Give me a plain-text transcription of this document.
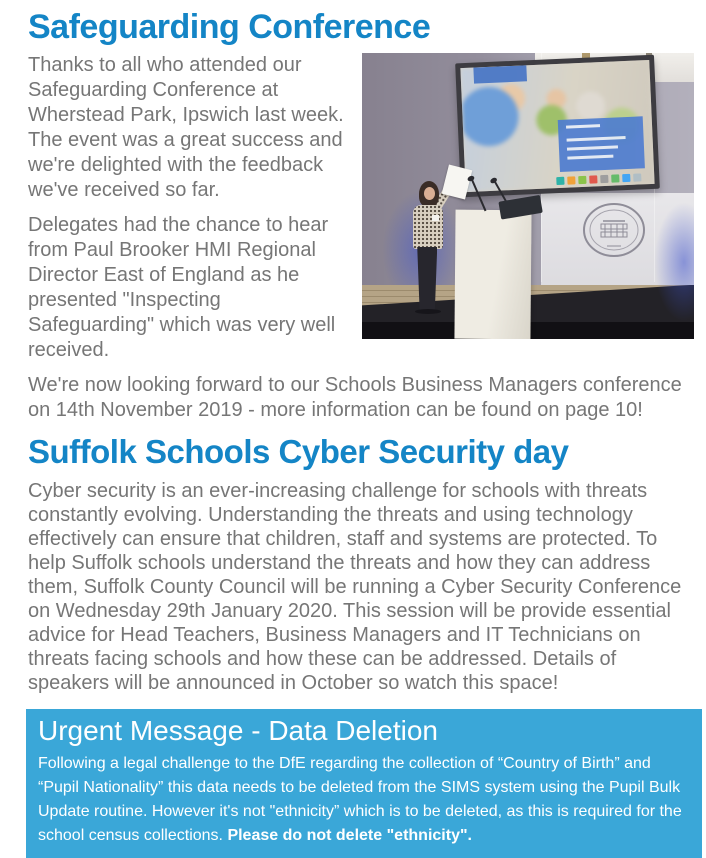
Safeguarding Conference

Thanks to all who attended our Safeguarding Conference at Wherstead Park, Ipswich last week. The event was a great success and we're delighted with the feedback we've received so far.

Delegates had the chance to hear from Paul Brooker HMI Regional Director East of England as he presented "Inspecting Safeguarding" which was very well received.

We're now looking forward to our Schools Business Managers conference on 14th November 2019 - more information can be found on page 10!

Suffolk Schools Cyber Security day

Cyber security is an ever-increasing challenge for schools with threats constantly evolving. Understanding the threats and using technology effectively can ensure that children, staff and systems are protected. To help Suffolk schools understand the threats and how they can address them, Suffolk County Council will be running a Cyber Security Conference on Wednesday 29th January 2020. This session will be provide essential advice for Head Teachers, Business Managers and IT Technicians on threats facing schools and how these can be addressed. Details of speakers will be announced in October so watch this space!

Urgent Message - Data Deletion

Following a legal challenge to the DfE regarding the collection of “Country of Birth” and “Pupil Nationality” this data needs to be deleted from the SIMS system using the Pupil Bulk Update routine. However it's not "ethnicity” which is to be deleted, as this is required for the school census collections. Please do not delete "ethnicity".
